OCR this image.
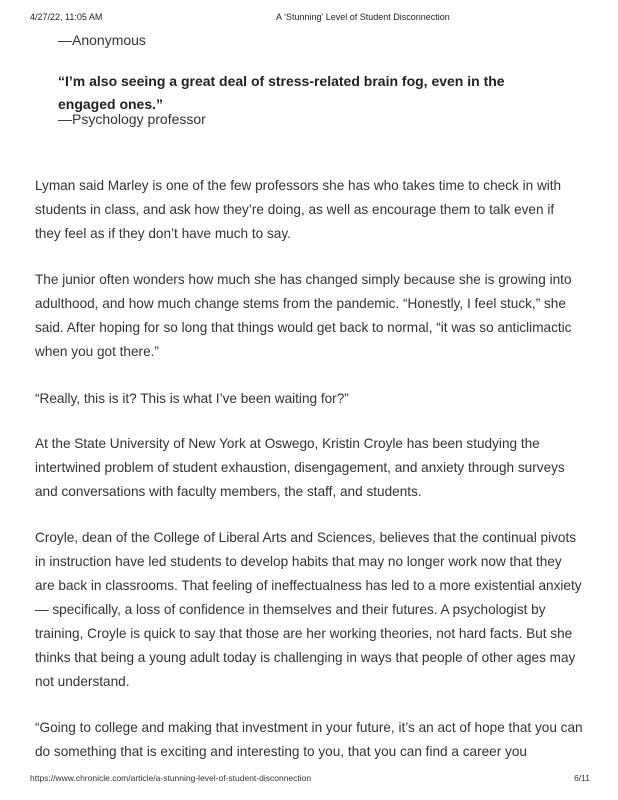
4/27/22, 11:05 AM	A ‘Stunning’ Level of Student Disconnection
—Anonymous
“I’m also seeing a great deal of stress-related brain fog, even in the engaged ones.”
—Psychology professor
Lyman said Marley is one of the few professors she has who takes time to check in with students in class, and ask how they’re doing, as well as encourage them to talk even if they feel as if they don’t have much to say.
The junior often wonders how much she has changed simply because she is growing into adulthood, and how much change stems from the pandemic. “Honestly, I feel stuck,” she said. After hoping for so long that things would get back to normal, “it was so anticlimactic when you got there.”
“Really, this is it? This is what I’ve been waiting for?”
At the State University of New York at Oswego, Kristin Croyle has been studying the intertwined problem of student exhaustion, disengagement, and anxiety through surveys and conversations with faculty members, the staff, and students.
Croyle, dean of the College of Liberal Arts and Sciences, believes that the continual pivots in instruction have led students to develop habits that may no longer work now that they are back in classrooms. That feeling of ineffectualness has led to a more existential anxiety — specifically, a loss of confidence in themselves and their futures. A psychologist by training, Croyle is quick to say that those are her working theories, not hard facts. But she thinks that being a young adult today is challenging in ways that people of other ages may not understand.
“Going to college and making that investment in your future, it’s an act of hope that you can do something that is exciting and interesting to you, that you can find a career you
https://www.chronicle.com/article/a-stunning-level-of-student-disconnection	6/11
